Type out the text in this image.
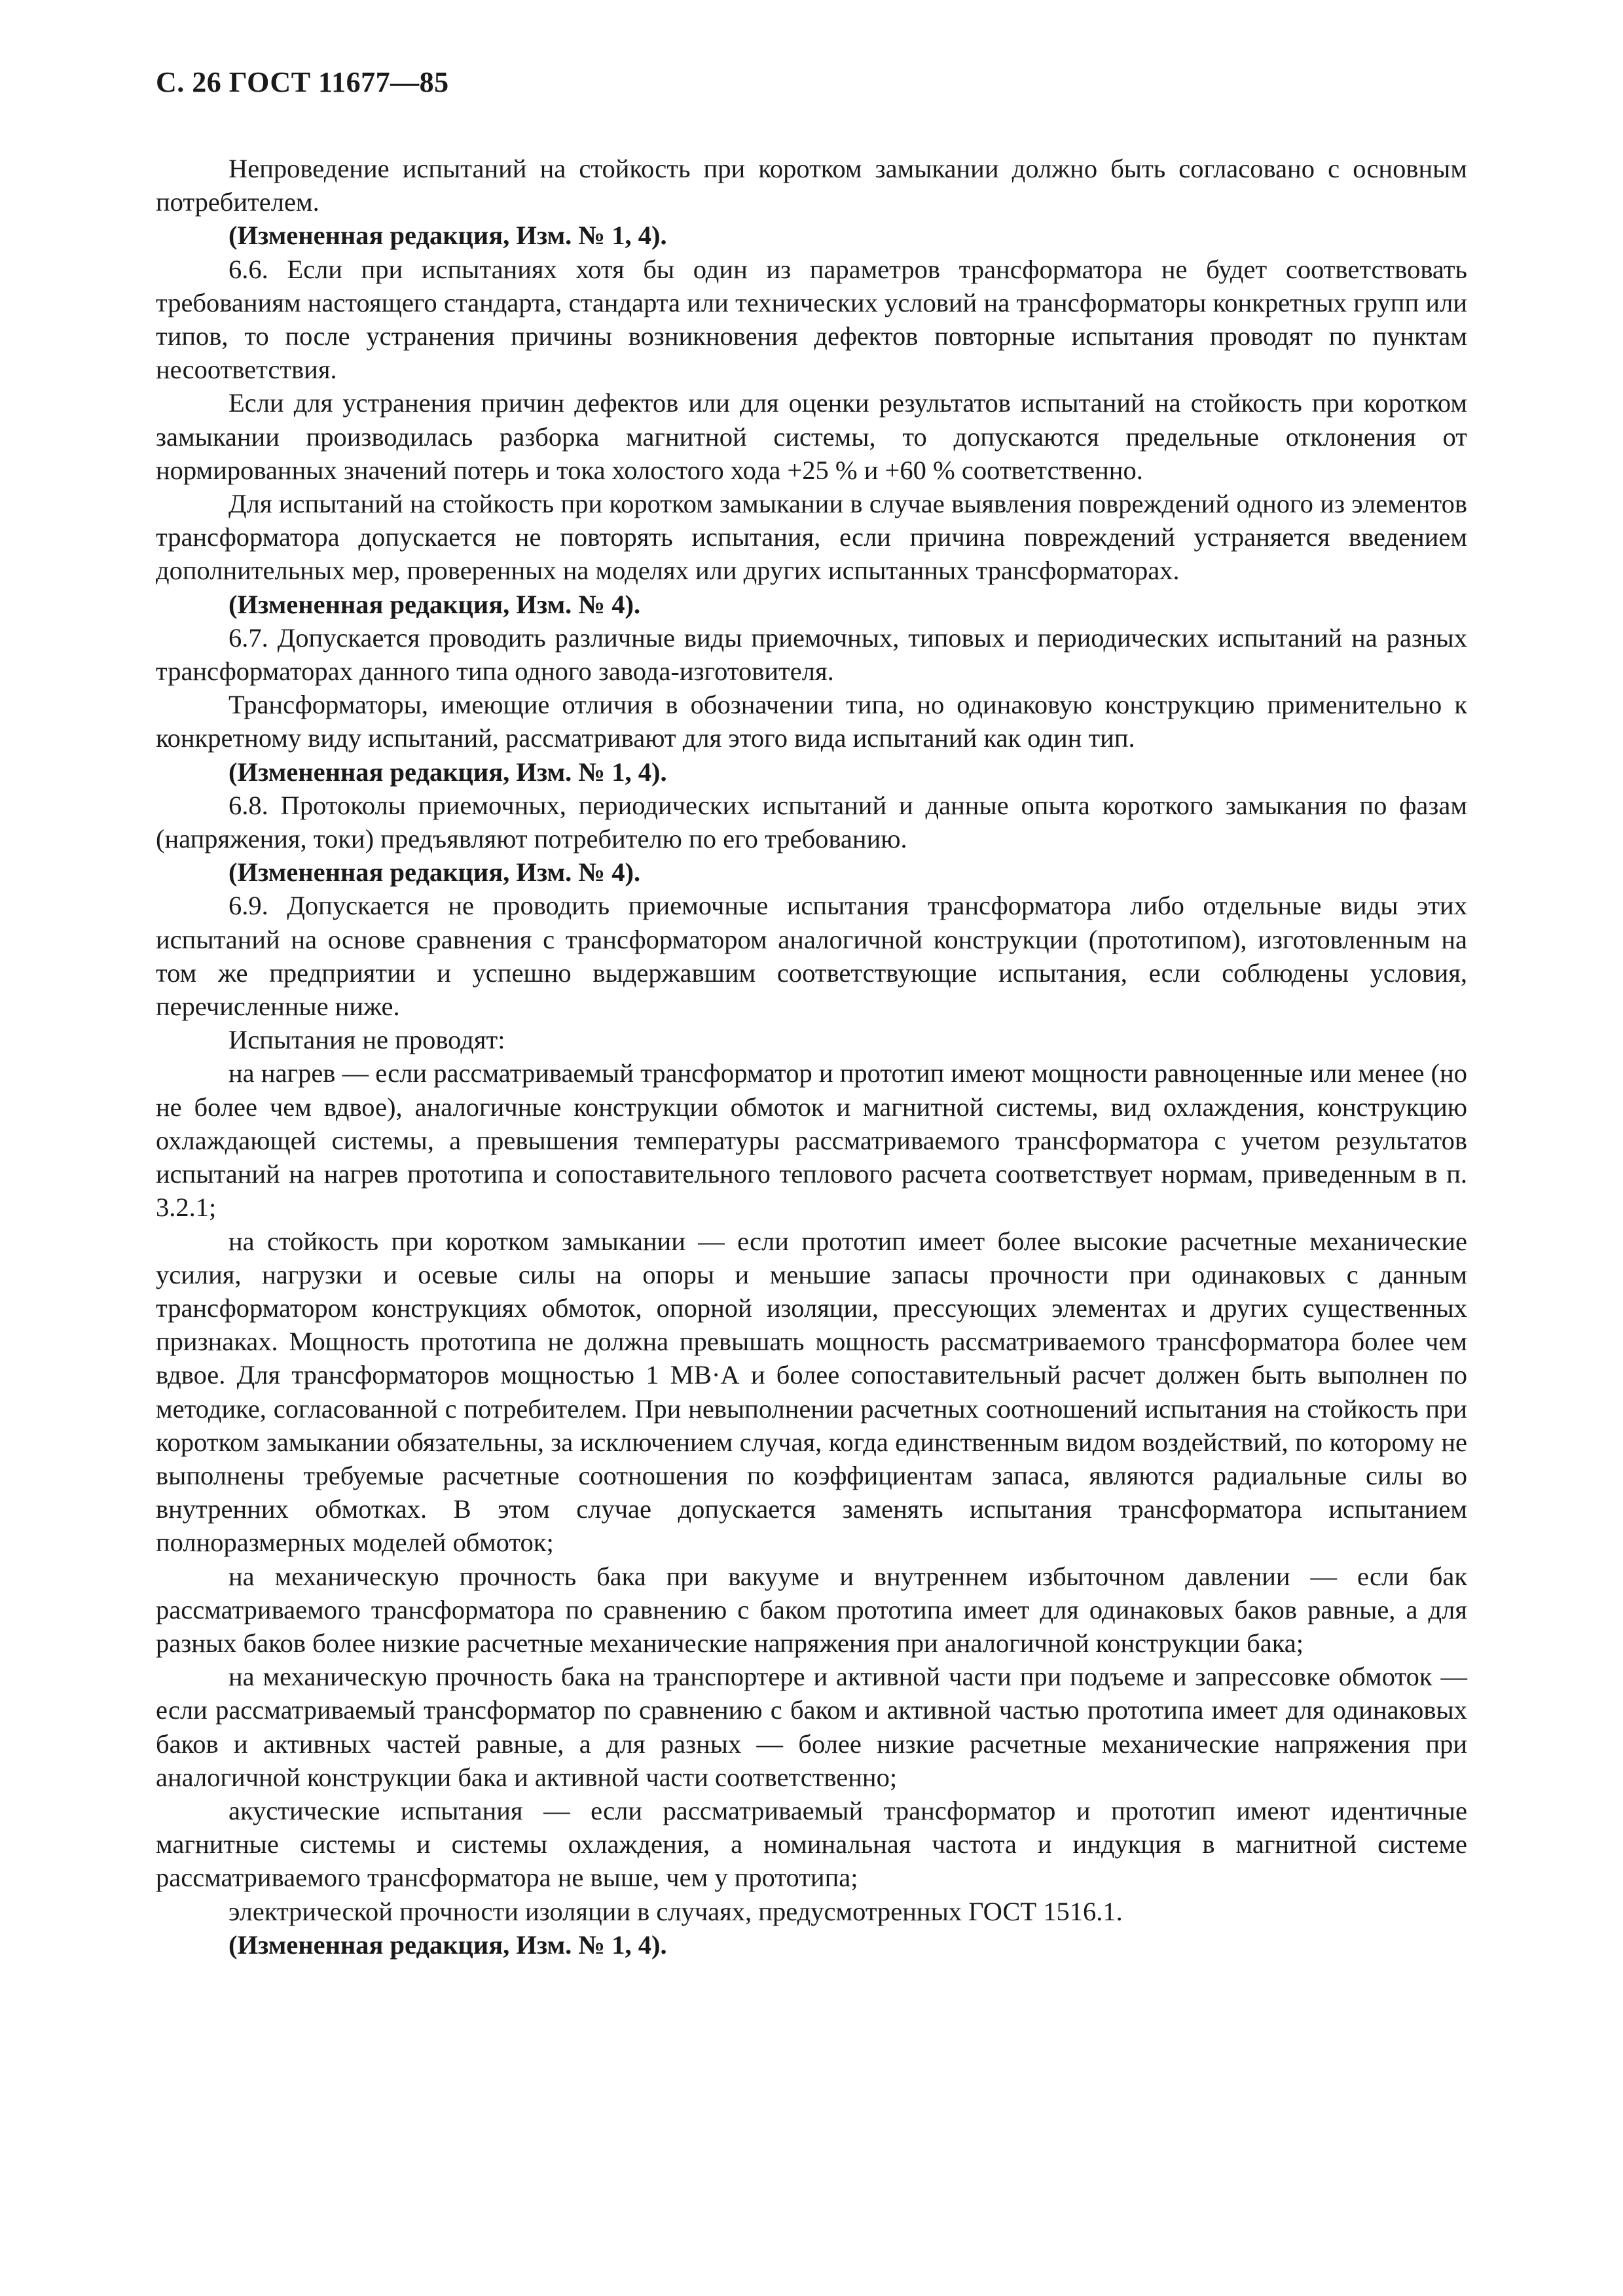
С. 26 ГОСТ 11677—85

Непроведение испытаний на стойкость при коротком замыкании должно быть согласовано с основным потребителем.

(Измененная редакция, Изм. № 1, 4).

6.6. Если при испытаниях хотя бы один из параметров трансформатора не будет соответствовать требованиям настоящего стандарта, стандарта или технических условий на трансформаторы конкретных групп или типов, то после устранения причины возникновения дефектов повторные испытания проводят по пунктам несоответствия.

Если для устранения причин дефектов или для оценки результатов испытаний на стойкость при коротком замыкании производилась разборка магнитной системы, то допускаются предельные отклонения от нормированных значений потерь и тока холостого хода +25 % и +60 % соответственно.

Для испытаний на стойкость при коротком замыкании в случае выявления повреждений одного из элементов трансформатора допускается не повторять испытания, если причина повреждений устраняется введением дополнительных мер, проверенных на моделях или других испытанных трансформаторах.

(Измененная редакция, Изм. № 4).

6.7. Допускается проводить различные виды приемочных, типовых и периодических испытаний на разных трансформаторах данного типа одного завода-изготовителя.

Трансформаторы, имеющие отличия в обозначении типа, но одинаковую конструкцию применительно к конкретному виду испытаний, рассматривают для этого вида испытаний как один тип.

(Измененная редакция, Изм. № 1, 4).

6.8. Протоколы приемочных, периодических испытаний и данные опыта короткого замыкания по фазам (напряжения, токи) предъявляют потребителю по его требованию.

(Измененная редакция, Изм. № 4).

6.9. Допускается не проводить приемочные испытания трансформатора либо отдельные виды этих испытаний на основе сравнения с трансформатором аналогичной конструкции (прототипом), изготовленным на том же предприятии и успешно выдержавшим соответствующие испытания, если соблюдены условия, перечисленные ниже.

Испытания не проводят:

на нагрев — если рассматриваемый трансформатор и прототип имеют мощности равноценные или менее (но не более чем вдвое), аналогичные конструкции обмоток и магнитной системы, вид охлаждения, конструкцию охлаждающей системы, а превышения температуры рассматриваемого трансформатора с учетом результатов испытаний на нагрев прототипа и сопоставительного теплового расчета соответствует нормам, приведенным в п. 3.2.1;

на стойкость при коротком замыкании — если прототип имеет более высокие расчетные механические усилия, нагрузки и осевые силы на опоры и меньшие запасы прочности при одинаковых с данным трансформатором конструкциях обмоток, опорной изоляции, прессующих элементах и других существенных признаках. Мощность прототипа не должна превышать мощность рассматриваемого трансформатора более чем вдвое. Для трансформаторов мощностью 1 МВ·А и более сопоставительный расчет должен быть выполнен по методике, согласованной с потребителем. При невыполнении расчетных соотношений испытания на стойкость при коротком замыкании обязательны, за исключением случая, когда единственным видом воздействий, по которому не выполнены требуемые расчетные соотношения по коэффициентам запаса, являются радиальные силы во внутренних обмотках. В этом случае допускается заменять испытания трансформатора испытанием полноразмерных моделей обмоток;

на механическую прочность бака при вакууме и внутреннем избыточном давлении — если бак рассматриваемого трансформатора по сравнению с баком прототипа имеет для одинаковых баков равные, а для разных баков более низкие расчетные механические напряжения при аналогичной конструкции бака;

на механическую прочность бака на транспортере и активной части при подъеме и запрессовке обмоток — если рассматриваемый трансформатор по сравнению с баком и активной частью прототипа имеет для одинаковых баков и активных частей равные, а для разных — более низкие расчетные механические напряжения при аналогичной конструкции бака и активной части соответственно;

акустические испытания — если рассматриваемый трансформатор и прототип имеют идентичные магнитные системы и системы охлаждения, а номинальная частота и индукция в магнитной системе рассматриваемого трансформатора не выше, чем у прототипа;

электрической прочности изоляции в случаях, предусмотренных ГОСТ 1516.1.

(Измененная редакция, Изм. № 1, 4).
